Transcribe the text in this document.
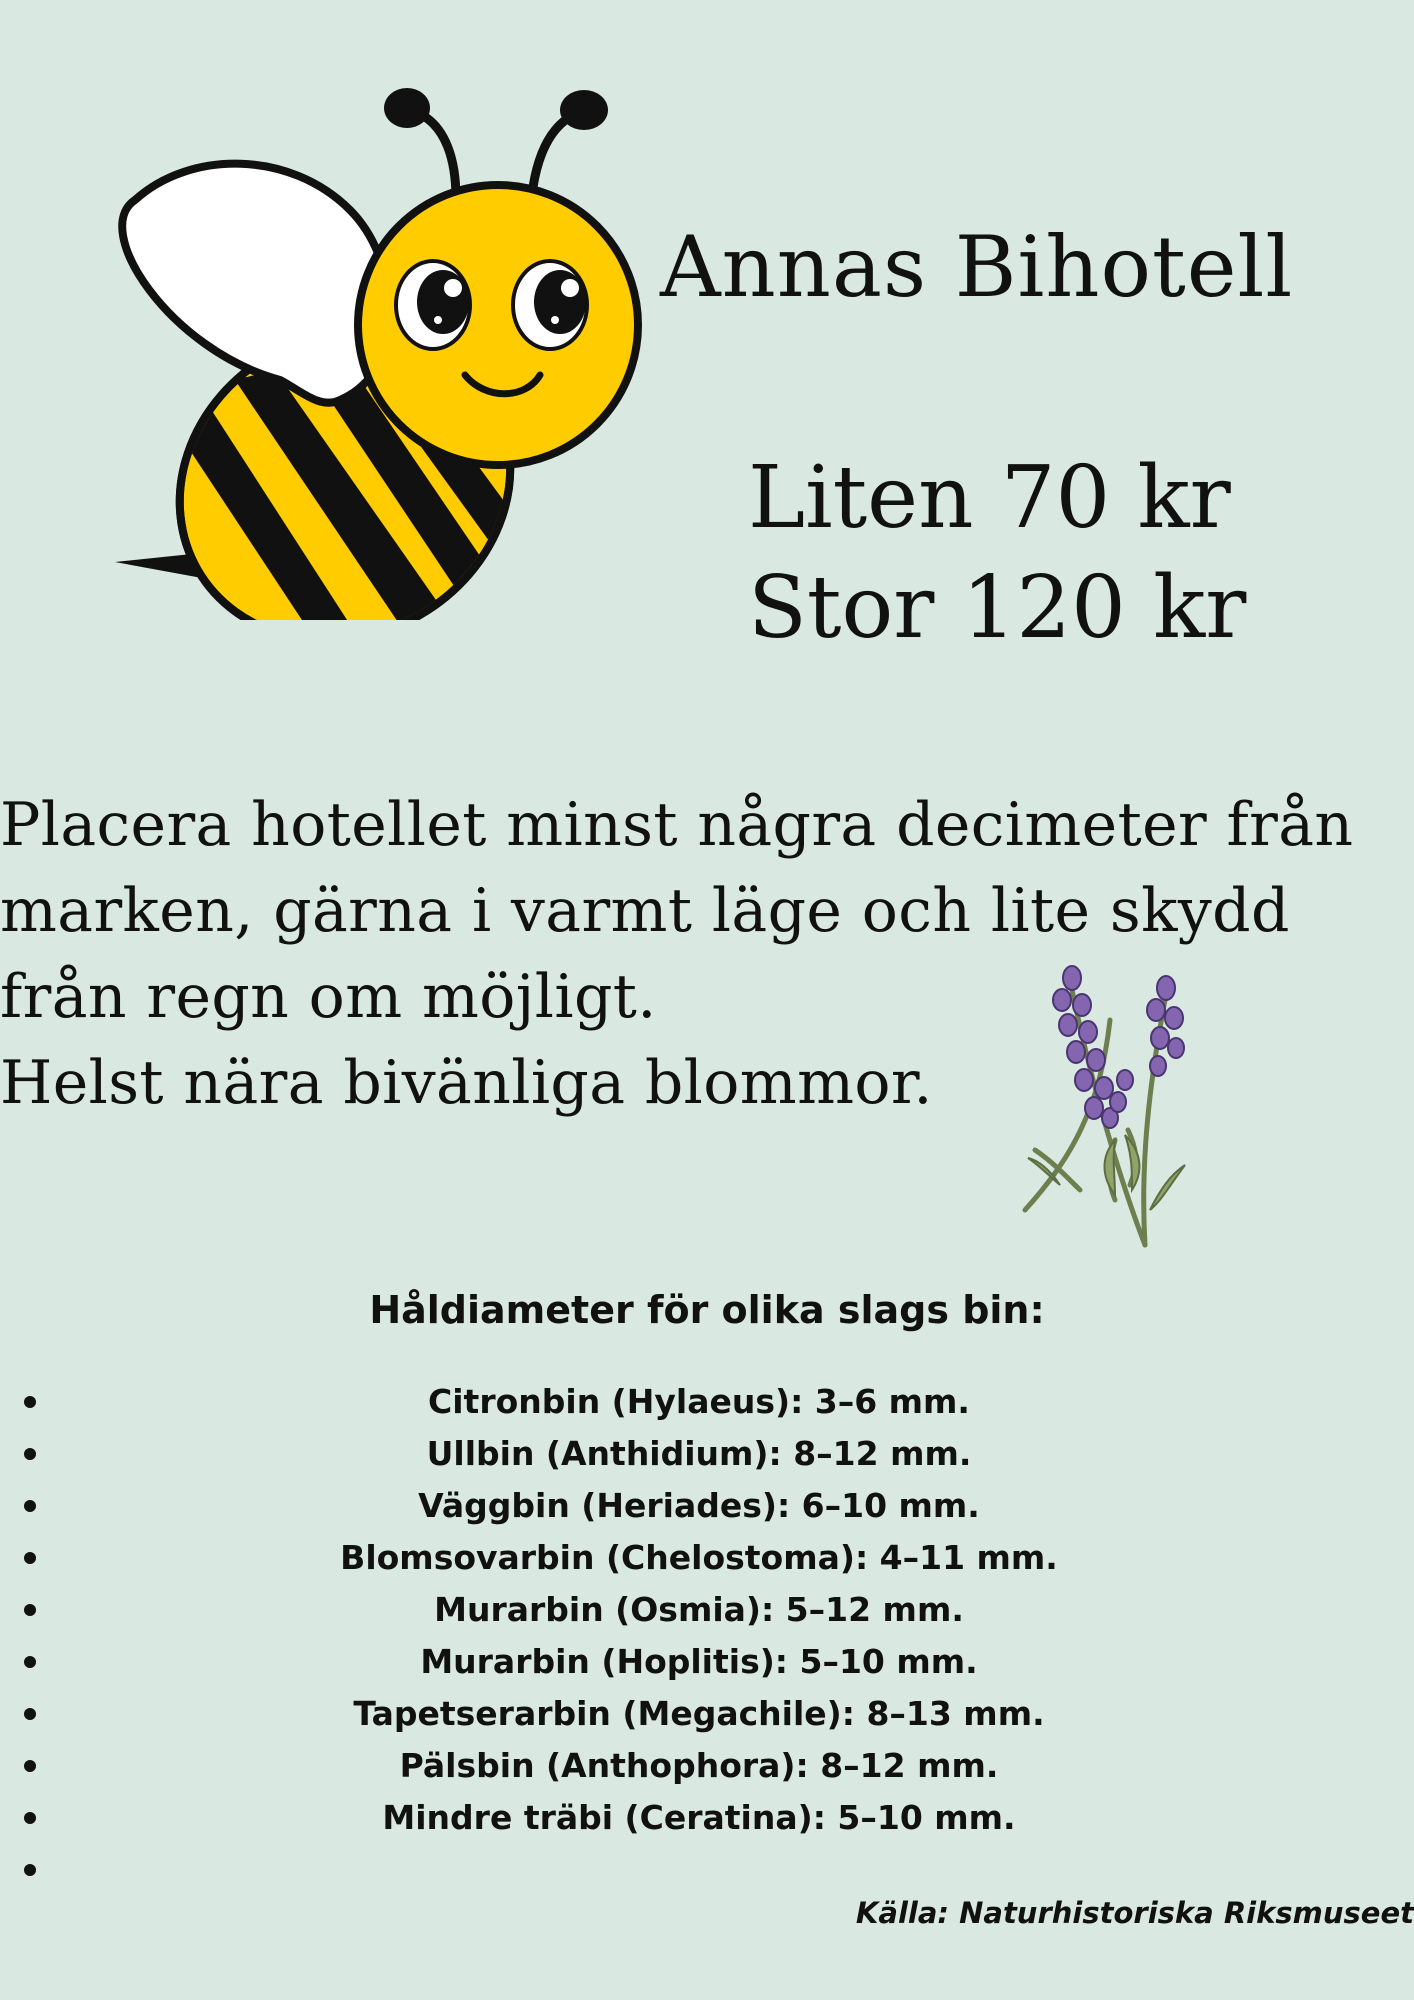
Annas Bihotell
Liten 70 kr
Stor 120 kr
Placera hotellet minst några decimeter från
marken, gärna i varmt läge och lite skydd
från regn om möjligt.
Helst nära bivänliga blommor.
Håldiameter för olika slags bin:
Citronbin (Hylaeus): 3–6 mm.
Ullbin (Anthidium): 8–12 mm.
Väggbin (Heriades): 6–10 mm.
Blomsovarbin (Chelostoma): 4–11 mm.
Murarbin (Osmia): 5–12 mm.
Murarbin (Hoplitis): 5–10 mm.
Tapetserarbin (Megachile): 8–13 mm.
Pälsbin (Anthophora): 8–12 mm.
Mindre träbi (Ceratina): 5–10 mm.
Källa: Naturhistoriska Riksmuseet
